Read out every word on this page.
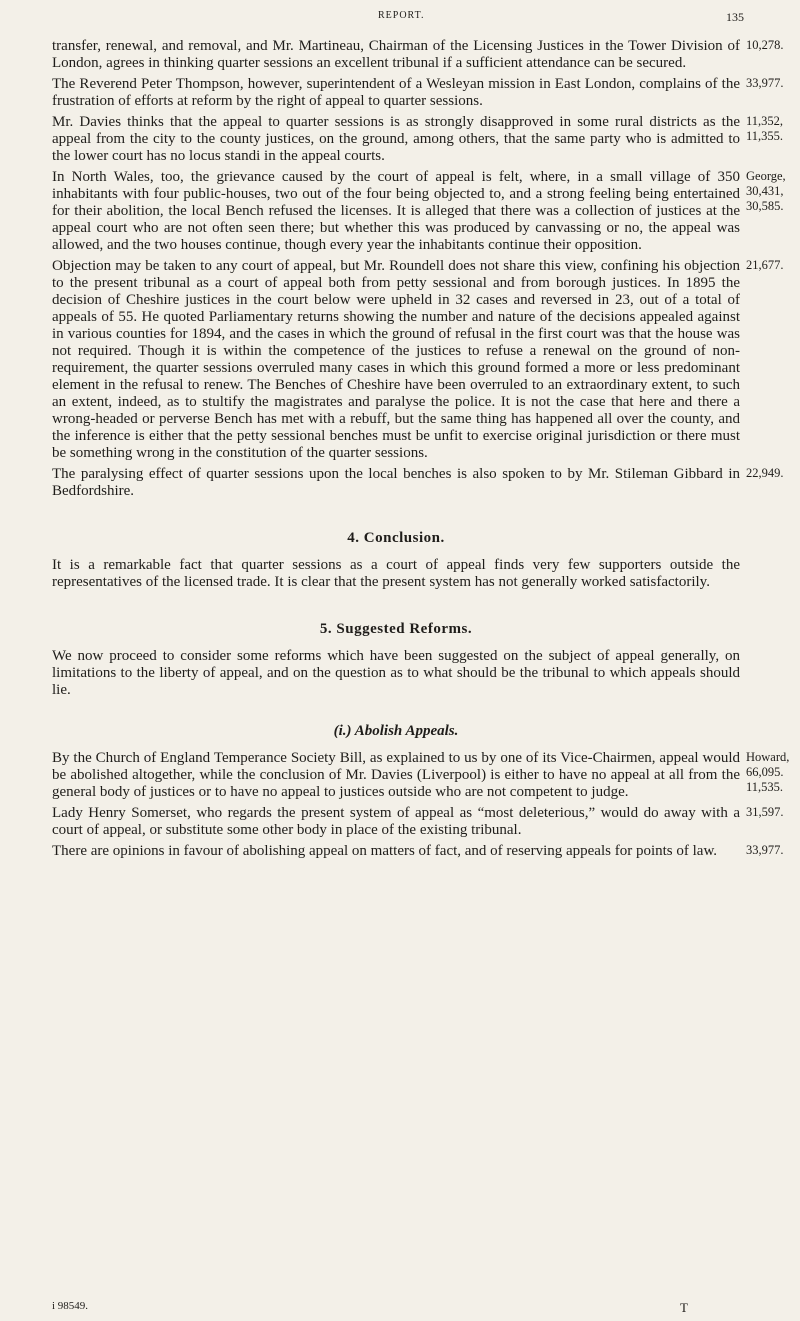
REPORT.	135

transfer, renewal, and removal, and Mr. Martineau, Chairman of the Licensing Justices in the Tower Division of London, agrees in thinking quarter sessions an excellent tribunal if a sufficient attendance can be secured.

10,278.

The Reverend Peter Thompson, however, superintendent of a Wesleyan mission in East London, complains of the frustration of efforts at reform by the right of appeal to quarter sessions.

33,977.

Mr. Davies thinks that the appeal to quarter sessions is as strongly disapproved in some rural districts as the appeal from the city to the county justices, on the ground, among others, that the same party who is admitted to the lower court has no locus standi in the appeal courts.

11,352, 11,355.

In North Wales, too, the grievance caused by the court of appeal is felt, where, in a small village of 350 inhabitants with four public-houses, two out of the four being objected to, and a strong feeling being entertained for their abolition, the local Bench refused the licenses. It is alleged that there was a collection of justices at the appeal court who are not often seen there; but whether this was produced by canvassing or no, the appeal was allowed, and the two houses continue, though every year the inhabitants continue their opposition.

George, 30,431, 30,585.

Objection may be taken to any court of appeal, but Mr. Roundell does not share this view, confining his objection to the present tribunal as a court of appeal both from petty sessional and from borough justices. In 1895 the decision of Cheshire justices in the court below were upheld in 32 cases and reversed in 23, out of a total of appeals of 55. He quoted Parliamentary returns showing the number and nature of the decisions appealed against in various counties for 1894, and the cases in which the ground of refusal in the first court was that the house was not required. Though it is within the competence of the justices to refuse a renewal on the ground of non-requirement, the quarter sessions overruled many cases in which this ground formed a more or less predominant element in the refusal to renew. The Benches of Cheshire have been overruled to an extraordinary extent, to such an extent, indeed, as to stultify the magistrates and paralyse the police. It is not the case that here and there a wrong-headed or perverse Bench has met with a rebuff, but the same thing has happened all over the county, and the inference is either that the petty sessional benches must be unfit to exercise original jurisdiction or there must be something wrong in the constitution of the quarter sessions.

21,677.

The paralysing effect of quarter sessions upon the local benches is also spoken to by Mr. Stileman Gibbard in Bedfordshire.

22,949.
4. Conclusion.

It is a remarkable fact that quarter sessions as a court of appeal finds very few supporters outside the representatives of the licensed trade. It is clear that the present system has not generally worked satisfactorily.

5. Suggested Reforms.

We now proceed to consider some reforms which have been suggested on the subject of appeal generally, on limitations to the liberty of appeal, and on the question as to what should be the tribunal to which appeals should lie.

(i.) Abolish Appeals.

By the Church of England Temperance Society Bill, as explained to us by one of its Vice-Chairmen, appeal would be abolished altogether, while the conclusion of Mr. Davies (Liverpool) is either to have no appeal at all from the general body of justices or to have no appeal to justices outside who are not competent to judge.

Howard, 66,095. 11,535.

Lady Henry Somerset, who regards the present system of appeal as “most deleterious,” would do away with a court of appeal, or substitute some other body in place of the existing tribunal.

31,597.

There are opinions in favour of abolishing appeal on matters of fact, and of reserving appeals for points of law.	33,977.
i 98549.	T
